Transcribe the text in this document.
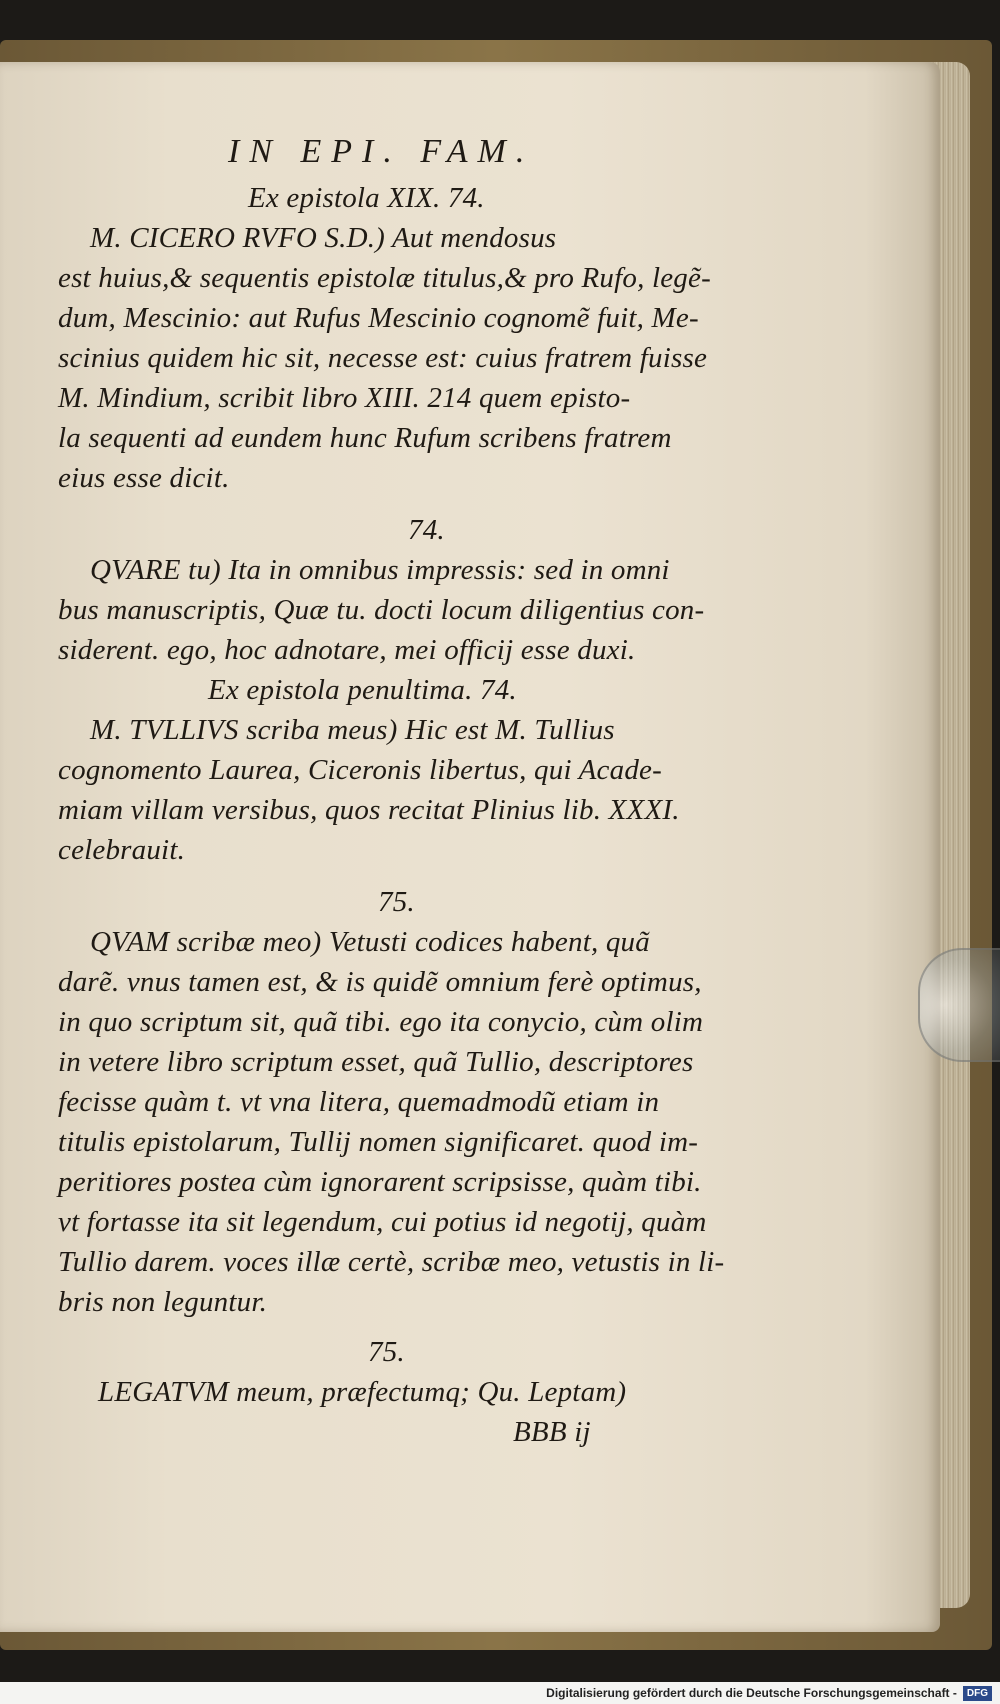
IN EPI. FAM.
Ex epistola XIX. 74.
M. CICERO RVFO S.D.) Aut mendosus
est huius,& sequentis epistolæ titulus,& pro Rufo, legẽ-
dum, Mescinio: aut Rufus Mescinio cognomẽ fuit, Me-
scinius quidem hic sit, necesse est: cuius fratrem fuisse
M. Mindium, scribit libro XIII. 214 quem episto-
la sequenti ad eundem hunc Rufum scribens fratrem
eius esse dicit.
74.
QVARE tu) Ita in omnibus impressis: sed in omni
bus manuscriptis, Quæ tu. docti locum diligentius con-
siderent. ego, hoc adnotare, mei officij esse duxi.
Ex epistola penultima. 74.
M. TVLLIVS scriba meus) Hic est M. Tullius
cognomento Laurea, Ciceronis libertus, qui Acade-
miam villam versibus, quos recitat Plinius lib. XXXI.
celebrauit.
75.
QVAM scribæ meo) Vetusti codices habent, quã
darẽ. vnus tamen est, & is quidẽ omnium ferè optimus,
in quo scriptum sit, quã tibi. ego ita conycio, cùm olim
in vetere libro scriptum esset, quã Tullio, descriptores
fecisse quàm t. vt vna litera, quemadmodũ etiam in
titulis epistolarum, Tullij nomen significaret. quod im-
peritiores postea cùm ignorarent scripsisse, quàm tibi.
vt fortasse ita sit legendum, cui potius id negotij, quàm
Tullio darem. voces illæ certè, scribæ meo, vetustis in li-
bris non leguntur.
75.
LEGATVM meum, præfectumq; Qu. Leptam)
BBB ij
Digitalisierung gefördert durch die Deutsche Forschungsgemeinschaft - DFG
